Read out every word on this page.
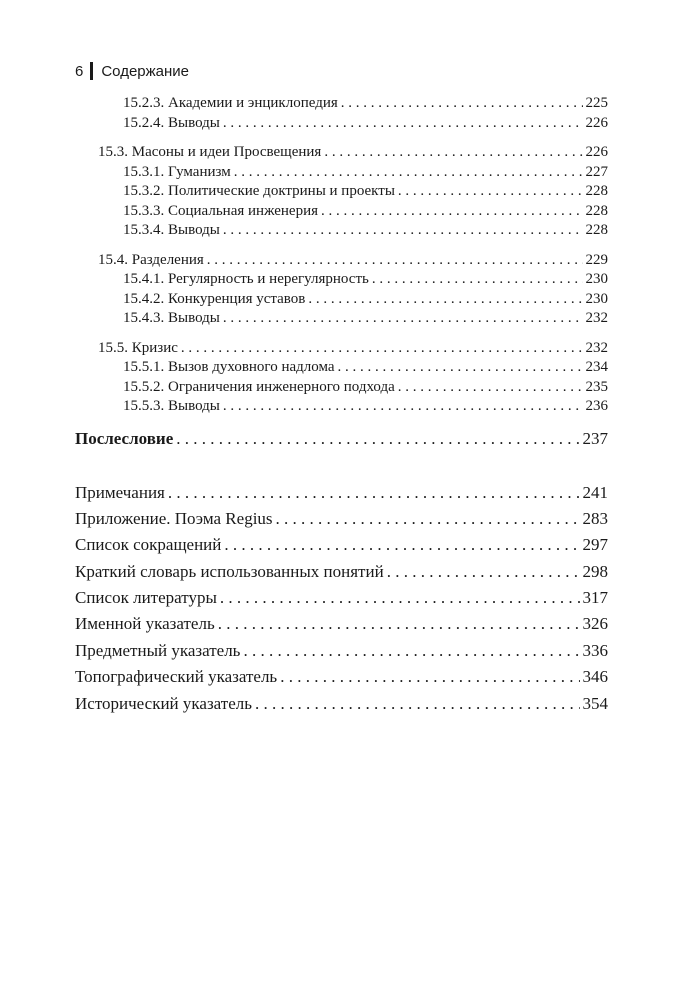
6 Содержание
15.2.3. Академии и энциклопедия . . .	225
15.2.4. Выводы . . .	226
15.3. Масоны и идеи Просвещения . . .	226
15.3.1. Гуманизм . . .	227
15.3.2. Политические доктрины и проекты . . .	228
15.3.3. Социальная инженерия . . .	228
15.3.4. Выводы . . .	228
15.4. Разделения . . .	229
15.4.1. Регулярность и нерегулярность . . .	230
15.4.2. Конкуренция уставов . . .	230
15.4.3. Выводы . . .	232
15.5. Кризис . . .	232
15.5.1. Вызов духовного надлома . . .	234
15.5.2. Ограничения инженерного подхода . . .	235
15.5.3. Выводы . . .	236
Послесловие . . .	237
Примечания . . .	241
Приложение. Поэма Regius . . .	283
Список сокращений . . .	297
Краткий словарь использованных понятий . . .	298
Список литературы . . .	317
Именной указатель . . .	326
Предметный указатель . . .	336
Топографический указатель . . .	346
Исторический указатель . . .	354
